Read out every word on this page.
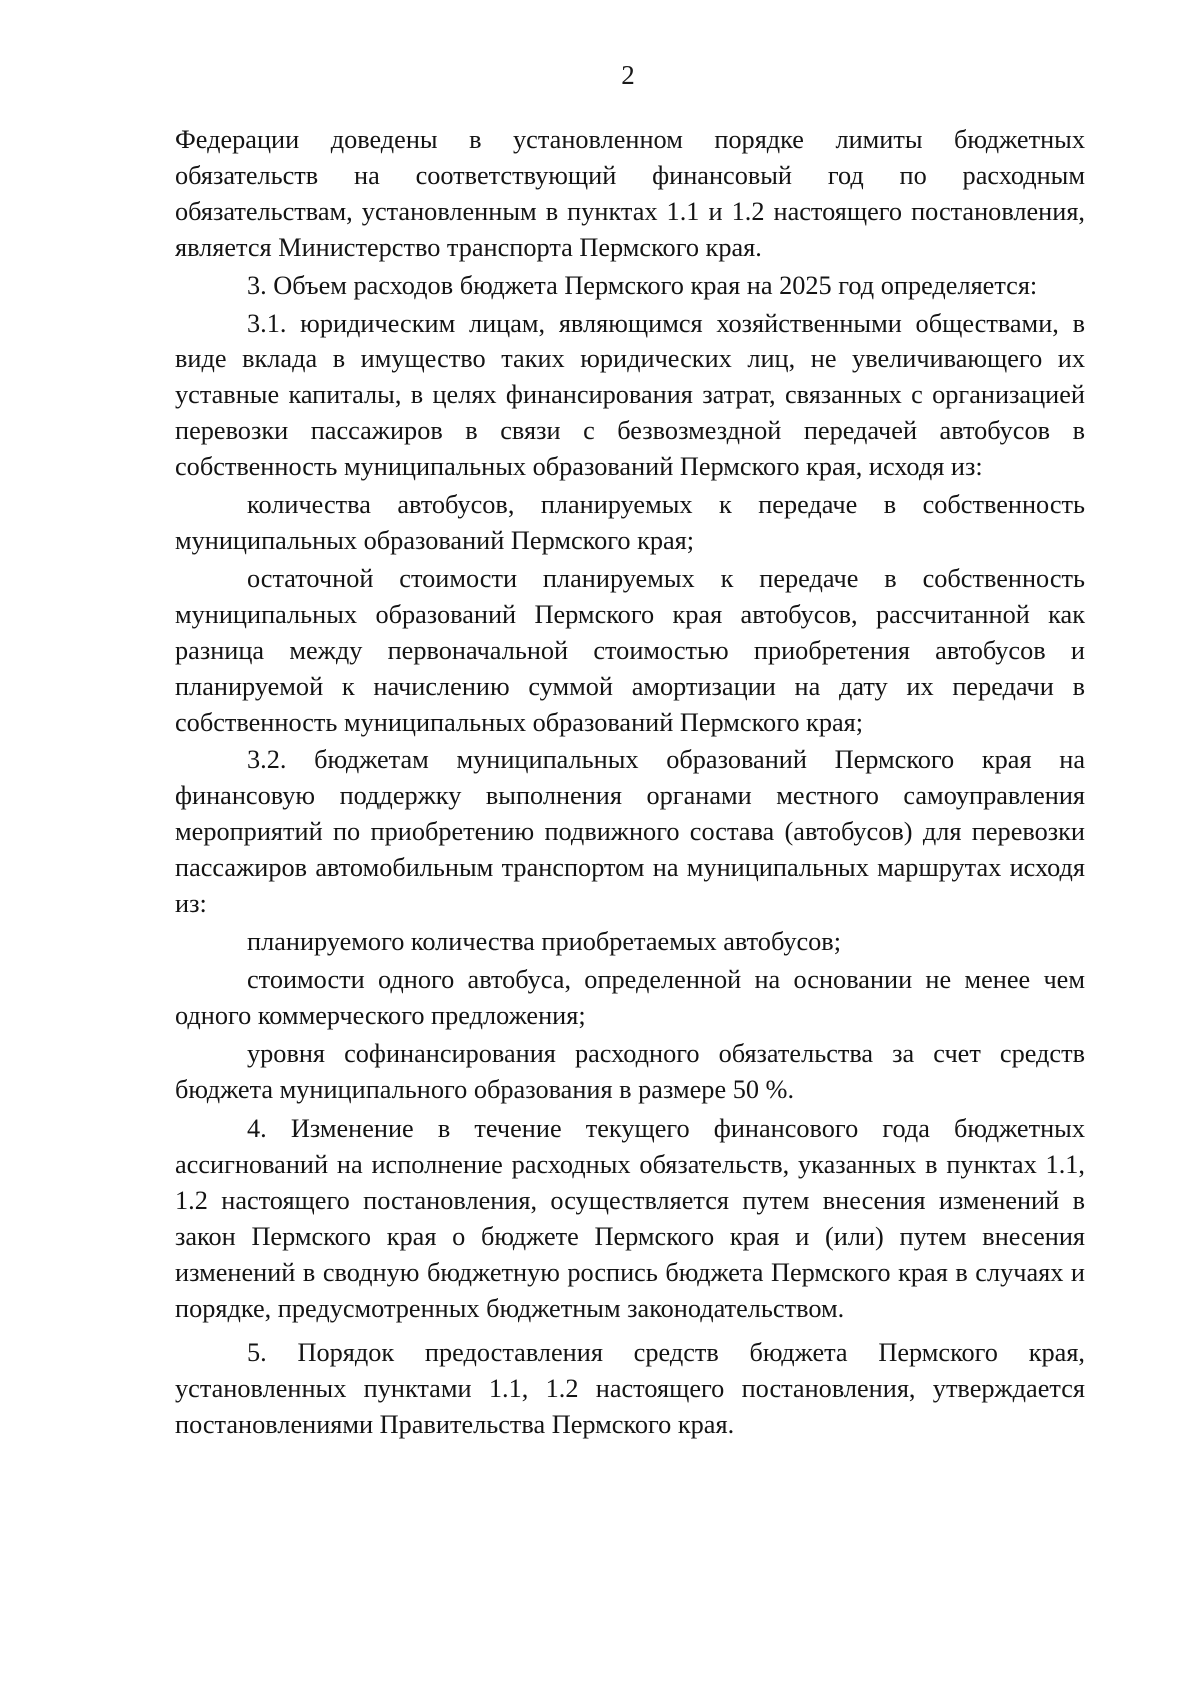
2

Федерации доведены в установленном порядке лимиты бюджетных обязательств на соответствующий финансовый год по расходным обязательствам, установленным в пунктах 1.1 и 1.2 настоящего постановления, является Министерство транспорта Пермского края.

3. Объем расходов бюджета Пермского края на 2025 год определяется:

3.1. юридическим лицам, являющимся хозяйственными обществами, в виде вклада в имущество таких юридических лиц, не увеличивающего их уставные капиталы, в целях финансирования затрат, связанных с организацией перевозки пассажиров в связи с безвозмездной передачей автобусов в собственность муниципальных образований Пермского края, исходя из:

количества автобусов, планируемых к передаче в собственность муниципальных образований Пермского края;

остаточной стоимости планируемых к передаче в собственность муниципальных образований Пермского края автобусов, рассчитанной как разница между первоначальной стоимостью приобретения автобусов и планируемой к начислению суммой амортизации на дату их передачи в собственность муниципальных образований Пермского края;

3.2. бюджетам муниципальных образований Пермского края на финансовую поддержку выполнения органами местного самоуправления мероприятий по приобретению подвижного состава (автобусов) для перевозки пассажиров автомобильным транспортом на муниципальных маршрутах исходя из:

планируемого количества приобретаемых автобусов;

стоимости одного автобуса, определенной на основании не менее чем одного коммерческого предложения;

уровня софинансирования расходного обязательства за счет средств бюджета муниципального образования в размере 50 %.

4. Изменение в течение текущего финансового года бюджетных ассигнований на исполнение расходных обязательств, указанных в пунктах 1.1, 1.2 настоящего постановления, осуществляется путем внесения изменений в закон Пермского края о бюджете Пермского края и (или) путем внесения изменений в сводную бюджетную роспись бюджета Пермского края в случаях и порядке, предусмотренных бюджетным законодательством.

5. Порядок предоставления средств бюджета Пермского края, установленных пунктами 1.1, 1.2 настоящего постановления, утверждается постановлениями Правительства Пермского края.
